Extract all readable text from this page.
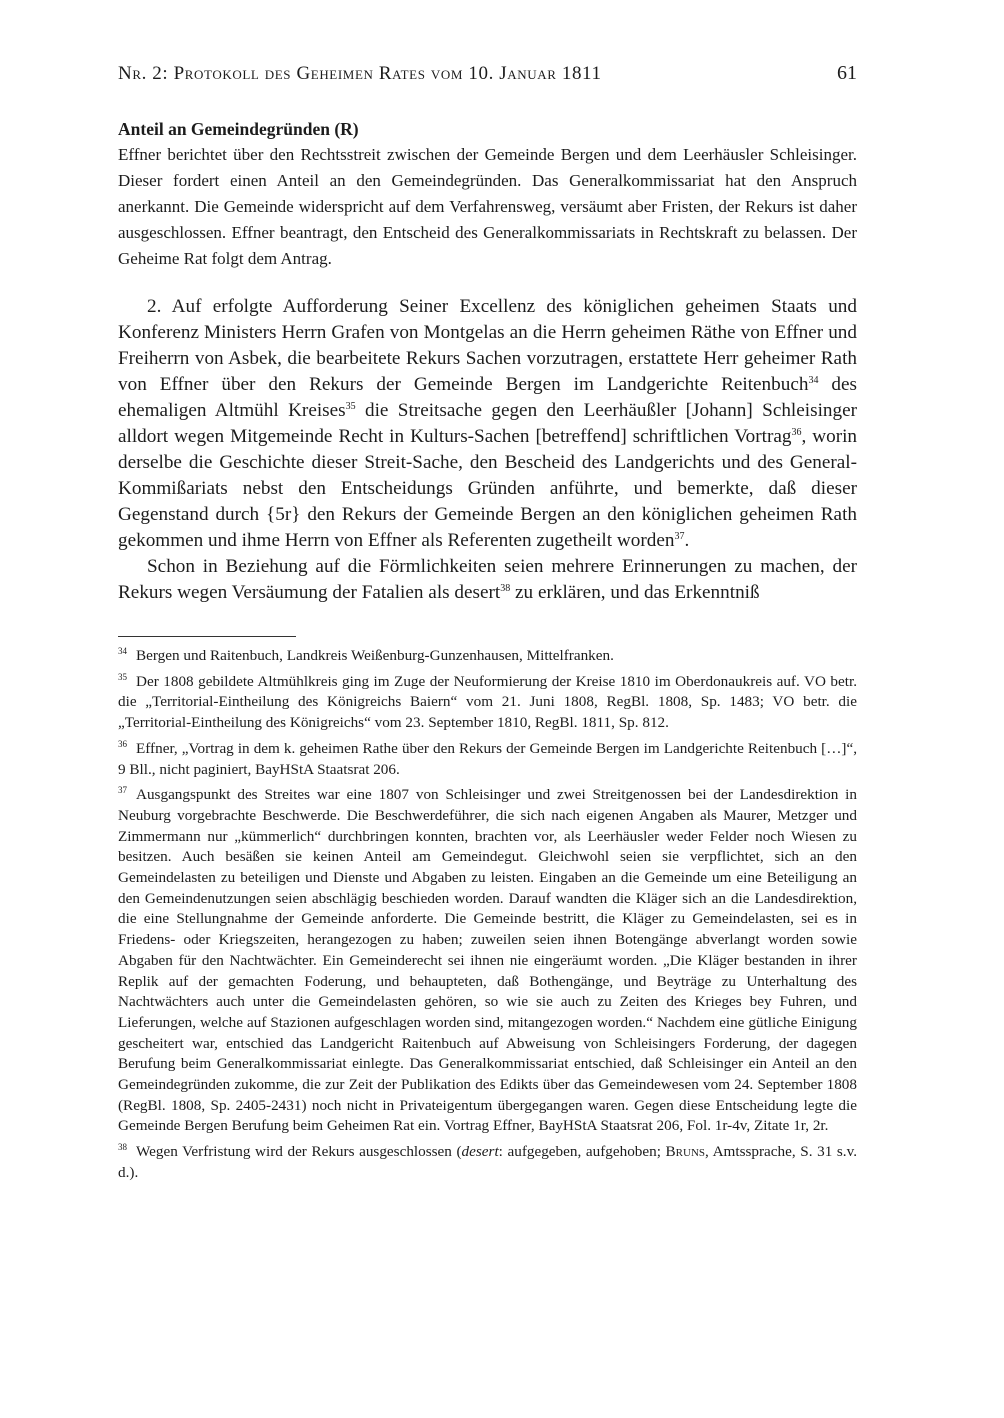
Nr. 2: Protokoll des Geheimen Rates vom 10. Januar 1811	61
Anteil an Gemeindegründen (R)
Effner berichtet über den Rechtsstreit zwischen der Gemeinde Bergen und dem Leerhäusler Schleisinger. Dieser fordert einen Anteil an den Gemeindegründen. Das Generalkommissariat hat den Anspruch anerkannt. Die Gemeinde widerspricht auf dem Verfahrensweg, versäumt aber Fristen, der Rekurs ist daher ausgeschlossen. Effner beantragt, den Entscheid des Generalkommissariats in Rechtskraft zu belassen. Der Geheime Rat folgt dem Antrag.

2. Auf erfolgte Aufforderung Seiner Excellenz des königlichen geheimen Staats und Konferenz Ministers Herrn Grafen von Montgelas an die Herrn geheimen Räthe von Effner und Freiherrn von Asbek, die bearbeitete Rekurs Sachen vorzutragen, erstattete Herr geheimer Rath von Effner über den Rekurs der Gemeinde Bergen im Landgerichte Reitenbuch$^{34}$ des ehemaligen Altmühl Kreises$^{35}$ die Streitsache gegen den Leerhäußler [Johann] Schleisinger alldort wegen Mitgemeinde Recht in Kulturs-Sachen [betreffend] schriftlichen Vortrag$^{36}$, worin derselbe die Geschichte dieser Streit-Sache, den Bescheid des Landgerichts und des General-Kommißariats nebst den Entscheidungs Gründen anführte, und bemerkte, daß dieser Gegenstand durch {5r} den Rekurs der Gemeinde Bergen an den königlichen geheimen Rath gekommen und ihme Herrn von Effner als Referenten zugetheilt worden$^{37}$.

Schon in Beziehung auf die Förmlichkeiten seien mehrere Erinnerungen zu machen, der Rekurs wegen Versäumung der Fatalien als desert$^{38}$ zu erklären, und das Erkenntniß

$^{34}$ Bergen und Raitenbuch, Landkreis Weißenburg-Gunzenhausen, Mittelfranken.

$^{35}$ Der 1808 gebildete Altmühlkreis ging im Zuge der Neuformierung der Kreise 1810 im Oberdonaukreis auf. VO betr. die „Territorial-Eintheilung des Königreichs Baiern“ vom 21. Juni 1808, RegBl. 1808, Sp. 1483; VO betr. die „Territorial-Eintheilung des Königreichs“ vom 23. September 1810, RegBl. 1811, Sp. 812.

$^{36}$ Effner, „Vortrag in dem k. geheimen Rathe über den Rekurs der Gemeinde Bergen im Landgerichte Reitenbuch […]“, 9 Bll., nicht paginiert, BayHStA Staatsrat 206.

$^{37}$ Ausgangspunkt des Streites war eine 1807 von Schleisinger und zwei Streitgenossen bei der Landesdirektion in Neuburg vorgebrachte Beschwerde. Die Beschwerdeführer, die sich nach eigenen Angaben als Maurer, Metzger und Zimmermann nur „kümmerlich“ durchbringen konnten, brachten vor, als Leerhäusler weder Felder noch Wiesen zu besitzen. Auch besäßen sie keinen Anteil am Gemeindegut. Gleichwohl seien sie verpflichtet, sich an den Gemeindelasten zu beteiligen und Dienste und Abgaben zu leisten. Eingaben an die Gemeinde um eine Beteiligung an den Gemeindenutzungen seien abschlägig beschieden worden. Darauf wandten die Kläger sich an die Landesdirektion, die eine Stellungnahme der Gemeinde anforderte. Die Gemeinde bestritt, die Kläger zu Gemeindelasten, sei es in Friedens- oder Kriegszeiten, herangezogen zu haben; zuweilen seien ihnen Botengänge abverlangt worden sowie Abgaben für den Nachtwächter. Ein Gemeinderecht sei ihnen nie eingeräumt worden. „Die Kläger bestanden in ihrer Replik auf der gemachten Foderung, und behaupteten, daß Bothengänge, und Beyträge zu Unterhaltung des Nachtwächters auch unter die Gemeindelasten gehören, so wie sie auch zu Zeiten des Krieges bey Fuhren, und Lieferungen, welche auf Stazionen aufgeschlagen worden sind, mitangezogen worden.“ Nachdem eine gütliche Einigung gescheitert war, entschied das Landgericht Raitenbuch auf Abweisung von Schleisingers Forderung, der dagegen Berufung beim Generalkommissariat einlegte. Das Generalkommissariat entschied, daß Schleisinger ein Anteil an den Gemeindegründen zukomme, die zur Zeit der Publikation des Edikts über das Gemeindewesen vom 24. September 1808 (RegBl. 1808, Sp. 2405-2431) noch nicht in Privateigentum übergegangen waren. Gegen diese Entscheidung legte die Gemeinde Bergen Berufung beim Geheimen Rat ein. Vortrag Effner, BayHStA Staatsrat 206, Fol. 1r-4v, Zitate 1r, 2r.

$^{38}$ Wegen Verfristung wird der Rekurs ausgeschlossen (desert: aufgegeben, aufgehoben; Bruns, Amtssprache, S. 31 s.v. d.).
